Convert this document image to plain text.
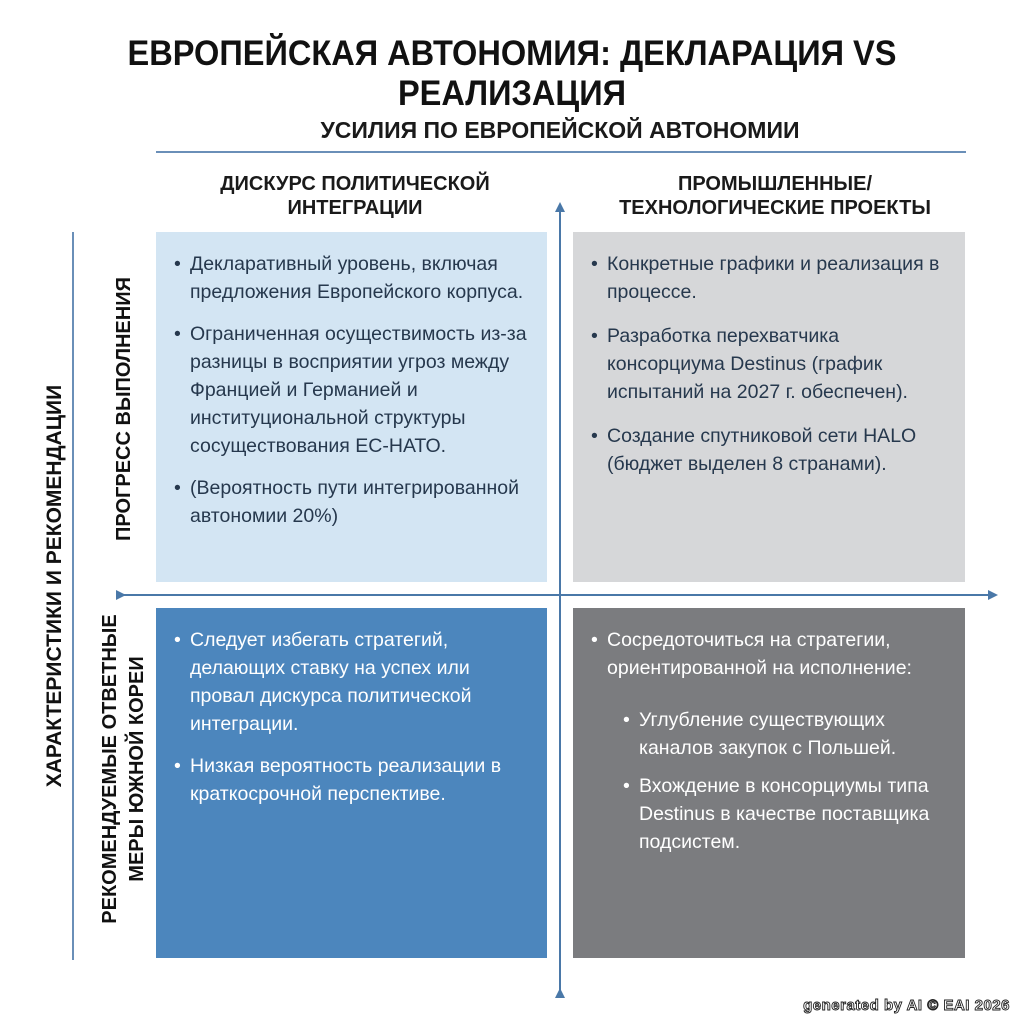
ЕВРОПЕЙСКАЯ АВТОНОМИЯ: ДЕКЛАРАЦИЯ VS РЕАЛИЗАЦИЯ
УСИЛИЯ ПО ЕВРОПЕЙСКОЙ АВТОНОМИИ
ДИСКУРС ПОЛИТИЧЕСКОЙ
ИНТЕГРАЦИИ
ПРОМЫШЛЕННЫЕ/
ТЕХНОЛОГИЧЕСКИЕ ПРОЕКТЫ
ХАРАКТЕРИСТИКИ И РЕКОМЕНДАЦИИ ПРОГРЕСС ВЫПОЛНЕНИЯ
РЕКОМЕНДУЕМЫЕ ОТВЕТНЫЕ МЕРЫ ЮЖНОЙ КОРЕИ
• Декларативный уровень, включая предложения Европейского корпуса.
• Ограниченная осуществимость из-за разницы в восприятии угроз между Францией и Германией и институциональной структуры сосуществования ЕС-НАТО.
• (Вероятность пути интегрированной автономии 20%)
• Конкретные графики и реализация в процессе.
• Разработка перехватчика консорциума Destinus (график испытаний на 2027 г. обеспечен).
• Создание спутниковой сети HALO (бюджет выделен 8 странами).
• Следует избегать стратегий, делающих ставку на успех или провал дискурса политической интеграции.
• Низкая вероятность реализации в краткосрочной перспективе.
• Сосредоточиться на стратегии, ориентированной на исполнение:
• Углубление существующих каналов закупок с Польшей.
• Вхождение в консорциумы типа Destinus в качестве поставщика подсистем.
generated by AI © EAI 2026
